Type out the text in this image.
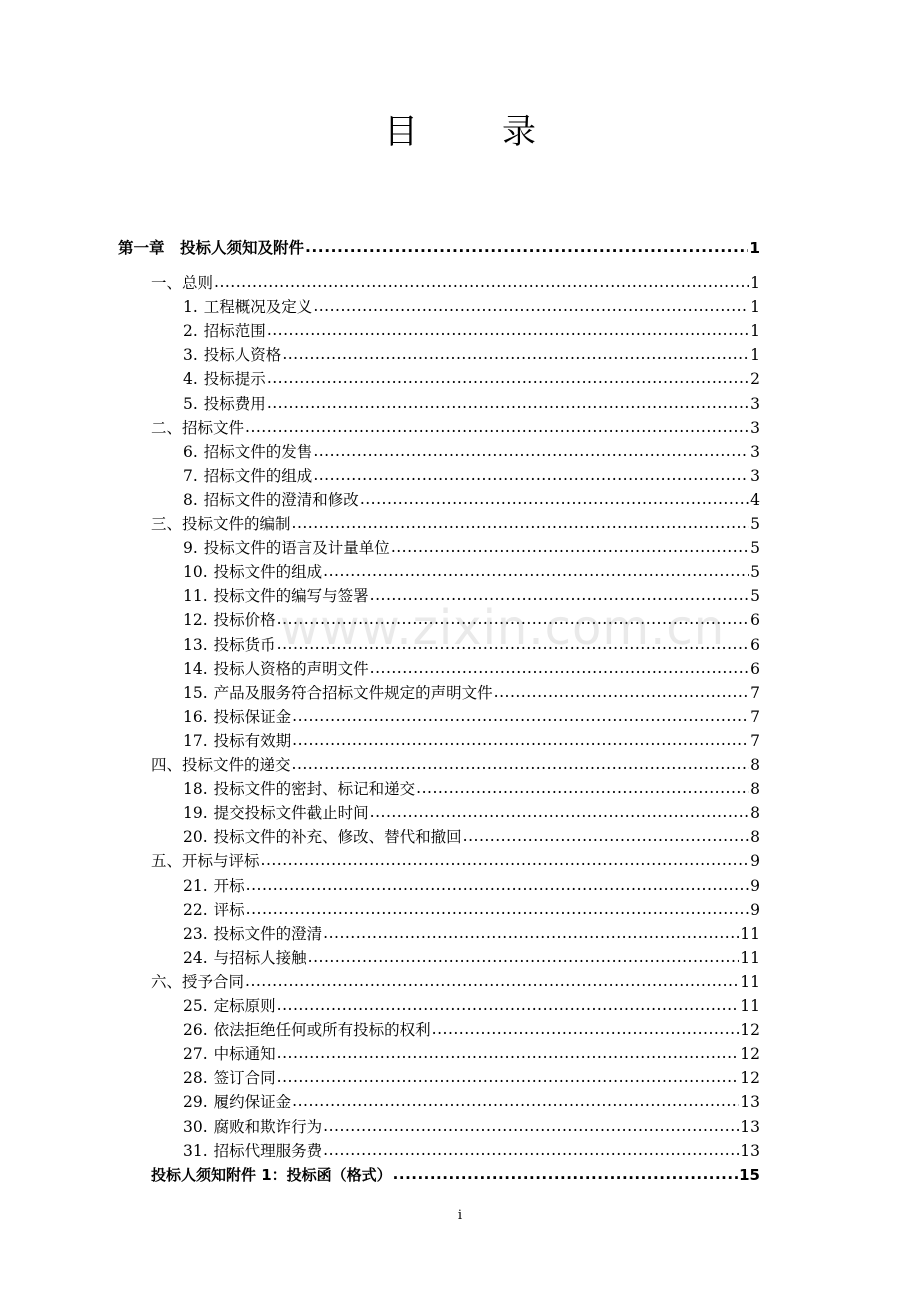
目 录
第一章　 投标人须知及附件 .....	1
一、 总则 .....	1
1. 工程概况及定义 .....	1
2. 招标范围 .....	1
3. 投标人资格 .....	1
4. 投标提示 .....	2
5. 投标费用 .....	3
二、 招标文件 .....	3
6. 招标文件的发售 .....	3
7. 招标文件的组成 .....	3
8. 招标文件的澄清和修改 .....	4
三、 投标文件的编制 .....	5
9. 投标文件的语言及计量单位 .....	5
10. 投标文件的组成 .....	5
11. 投标文件的编写与签署 .....	5
12. 投标价格 .....	6
13. 投标货币 .....	6
14. 投标人资格的声明文件 .....	6
15. 产品及服务符合招标文件规定的声明文件 .....	7
16. 投标保证金 .....	7
17. 投标有效期 .....	7
四、 投标文件的递交 .....	8
18. 投标文件的密封、标记和递交 .....	8
19. 提交投标文件截止时间 .....	8
20. 投标文件的补充、修改、替代和撤回 .....	8
五、 开标与评标 .....	9
21. 开标 .....	9
22. 评标 .....	9
23. 投标文件的澄清 .....	11
24. 与招标人接触 .....	11
六、 授予合同 .....	11
25. 定标原则 .....	11
26. 依法拒绝任何或所有投标的权利 .....	12
27. 中标通知 .....	12
28. 签订合同 .....	12
29. 履约保证金 .....	13
30. 腐败和欺诈行为 .....	13
31. 招标代理服务费 .....	13
投标人须知附件 1：投标函（格式） .....	15
www.zixin.com.cn
i
